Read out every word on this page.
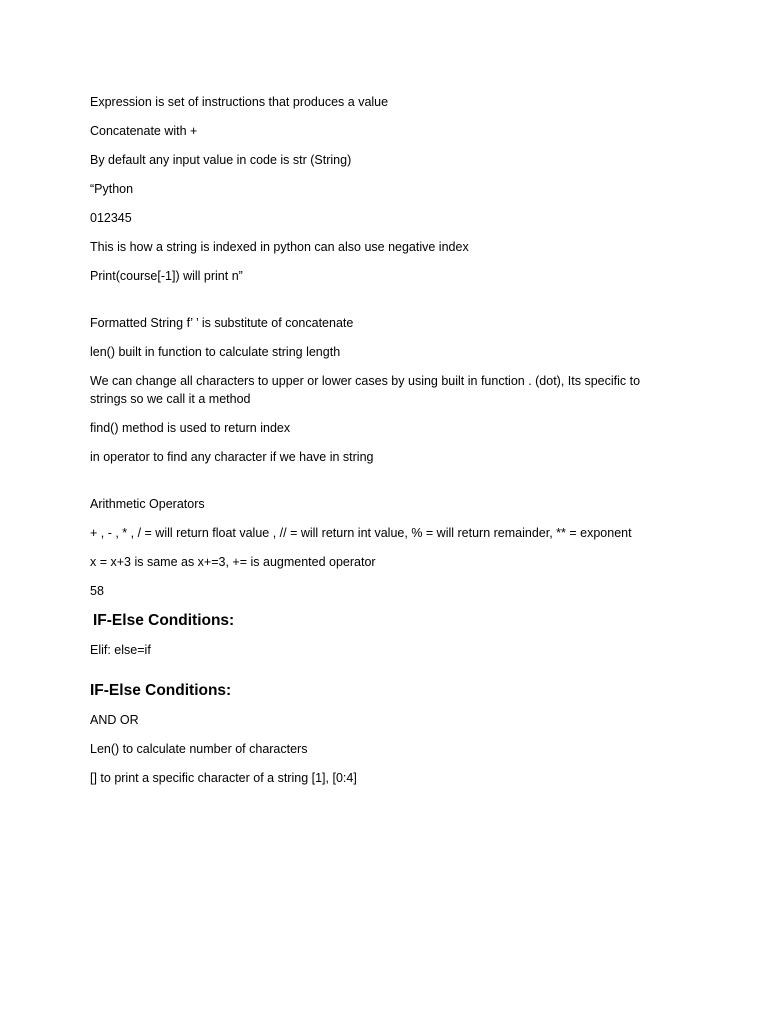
Expression is set of instructions that produces a value

Concatenate with +

By default any input value in code is str (String)

“Python

012345

This is how a string is indexed in python can also use negative index

Print(course[-1]) will print n”

Formatted String f’ ’ is substitute of concatenate

len() built in function to calculate string length

We can change all characters to upper or lower cases by using built in function . (dot), Its specific to strings so we call it a method

find() method is used to return index

in operator to find any character if we have in string

Arithmetic Operators

+ , - , * , / = will return float value , // = will return int value, % = will return remainder, ** = exponent

x = x+3 is same as x+=3, += is augmented operator

58

IF-Else Conditions:

Elif: else=if

IF-Else Conditions:

AND OR

Len() to calculate number of characters

[] to print a specific character of a string [1], [0:4]
